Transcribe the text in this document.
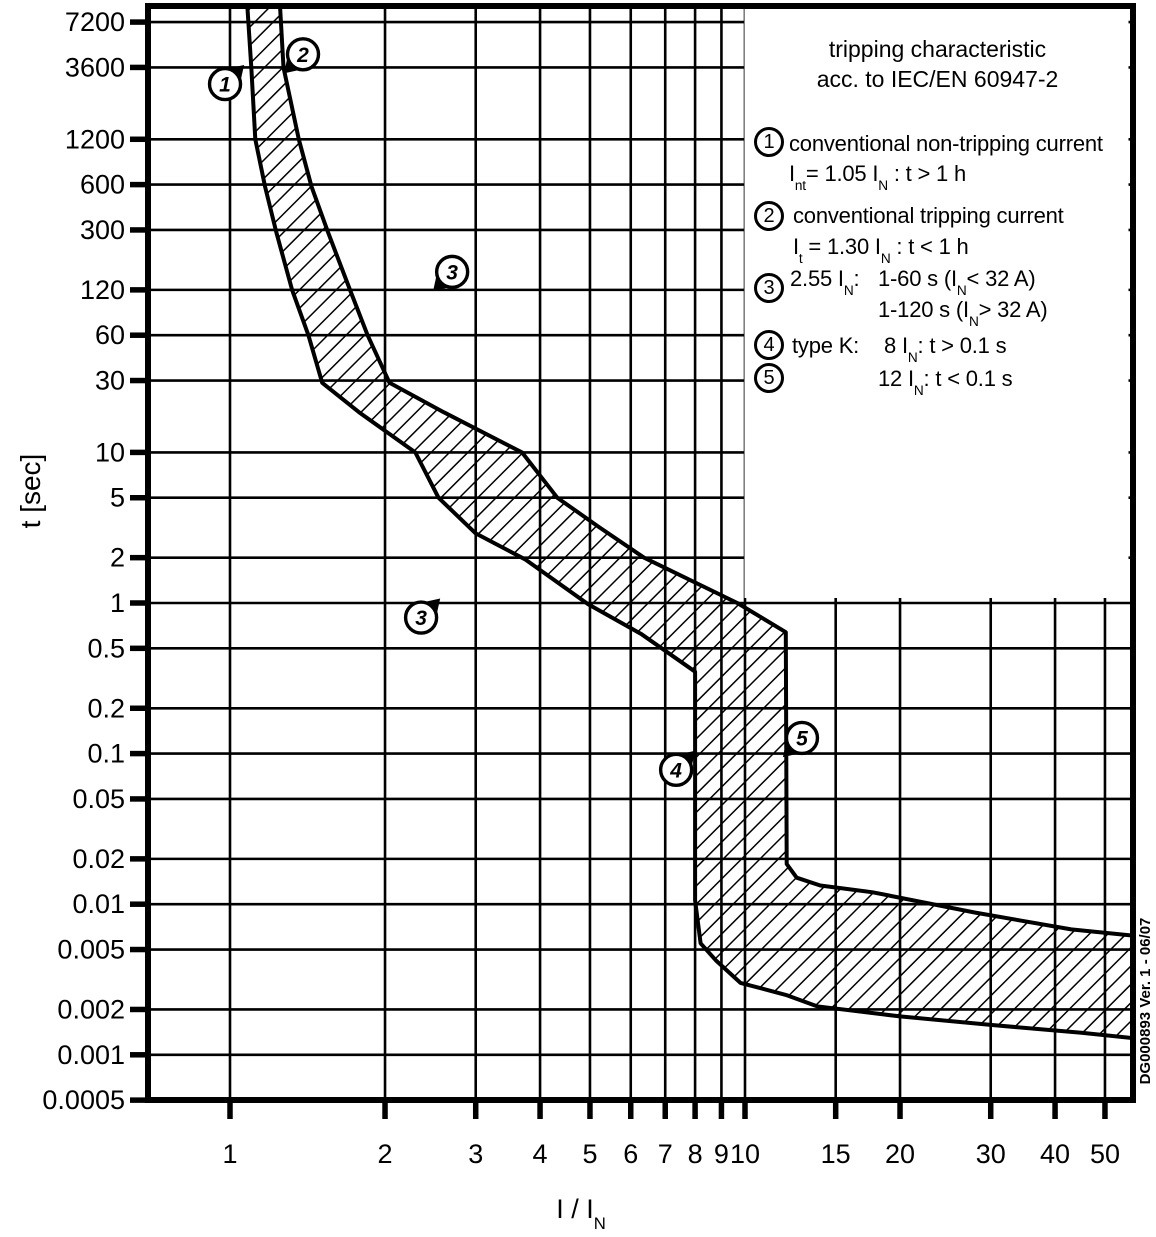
1
2
3
3
4
5
7200
3600
1200
600
300
120
60
30
10
5
2
1
0.5
0.2
0.1
0.05
0.02
0.01
0.005
0.002
0.001
0.0005
1	2	3 4 5 6 7 8 9 10 15 20 30 40 50
t [sec]
I / $I_N$
DG000893 Ver. 1 - 06/07
tripping characteristic
acc. to IEC/EN 60947-2
1 conventional non-tripping current
$I_{nt}= 1.05$ $I_N$ : t > 1 h
2 conventional tripping current
$I_t = 1.30$ $I_N$ : t < 1 h
3 2.55 $I_N$: 1-60 s ($I_N< 32$ A)
1-120 s ($I_N> 32$ A)
4 type K: 8 $I_N$: t > 0.1 s
5	12 $I_N$: t < 0.1 s
